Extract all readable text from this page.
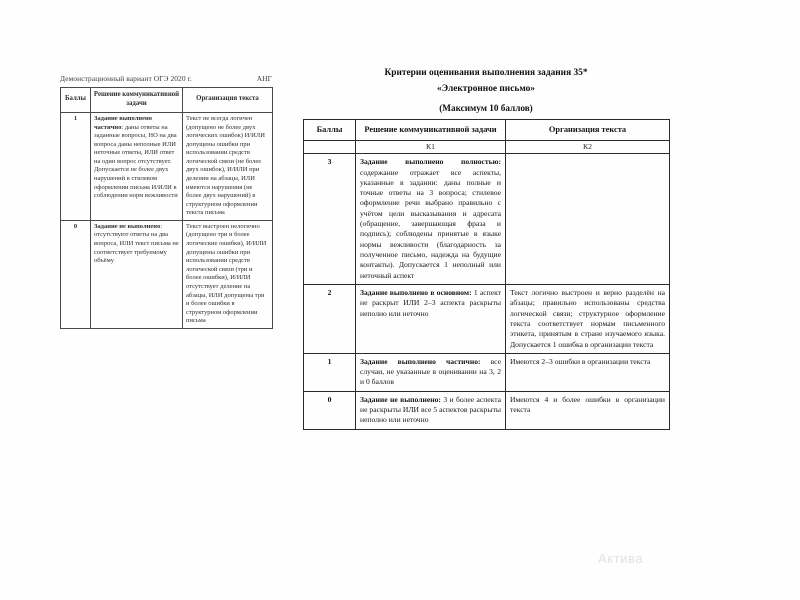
· · — · ·
Демонстрационный вариант ОГЭ 2020 г.	АНГ
Баллы	Решение коммуникативной задачи	Организация текста
1	Задание выполнено частично: даны ответы на заданные вопросы, НО на два вопроса даны неполные ИЛИ неточные ответы, ИЛИ ответ на один вопрос отсутствует. Допускается не более двух нарушений в стилевом оформлении письма И/ИЛИ в соблюдении норм вежливости	Текст не всегда логичен (допущено не более двух логических ошибок) И/ИЛИ допущены ошибки при использовании средств логической связи (не более двух ошибок), И/ИЛИ при делении на абзацы, ИЛИ имеются нарушения (не более двух нарушений) в структурном оформлении текста письма
0	Задание не выполнено: отсутствуют ответы на два вопроса, ИЛИ текст письма не соответствует требуемому объёму	Текст выстроен нелогично (допущено три и более логические ошибки), И/ИЛИ допущены ошибки при использовании средств логической связи (три и более ошибки), И/ИЛИ отсутствует деление на абзацы, ИЛИ допущены три и более ошибки в структурном оформлении письма
Критерии оценивания выполнения задания 35*
«Электронное письмо»
(Максимум 10 баллов)
Баллы	Решение коммуникативной задачи	Организация текста
	К1	К2
3	Задание выполнено полностью: содержание отражает все аспекты, указанные в задании: даны полные и точные ответы на 3 вопроса; стилевое оформление речи выбрано правильно с учётом цели высказывания и адресата (обращение, завершающая фраза и подпись); соблюдены принятые в языке нормы вежливости (благодарность за полученное письмо, надежда на будущие контакты). Допускается 1 неполный или неточный аспект	
2	Задание выполнено в основном: 1 аспект не раскрыт ИЛИ 2–3 аспекта раскрыты неполно или неточно	Текст логично выстроен и верно разделён на абзацы; правильно использованы средства логической связи; структурное оформление текста соответствует нормам письменного этикета, принятым в стране изучаемого языка. Допускается 1 ошибка в организации текста
1	Задание выполнено частично: все случаи, не указанные в оценивании на 3, 2 и 0 баллов	Имеются 2–3 ошибки в организации текста
0	Задание не выполнено: 3 и более аспекта не раскрыты ИЛИ все 5 аспектов раскрыты неполно или неточно	Имеются 4 и более ошибки в организации текста
Актива
